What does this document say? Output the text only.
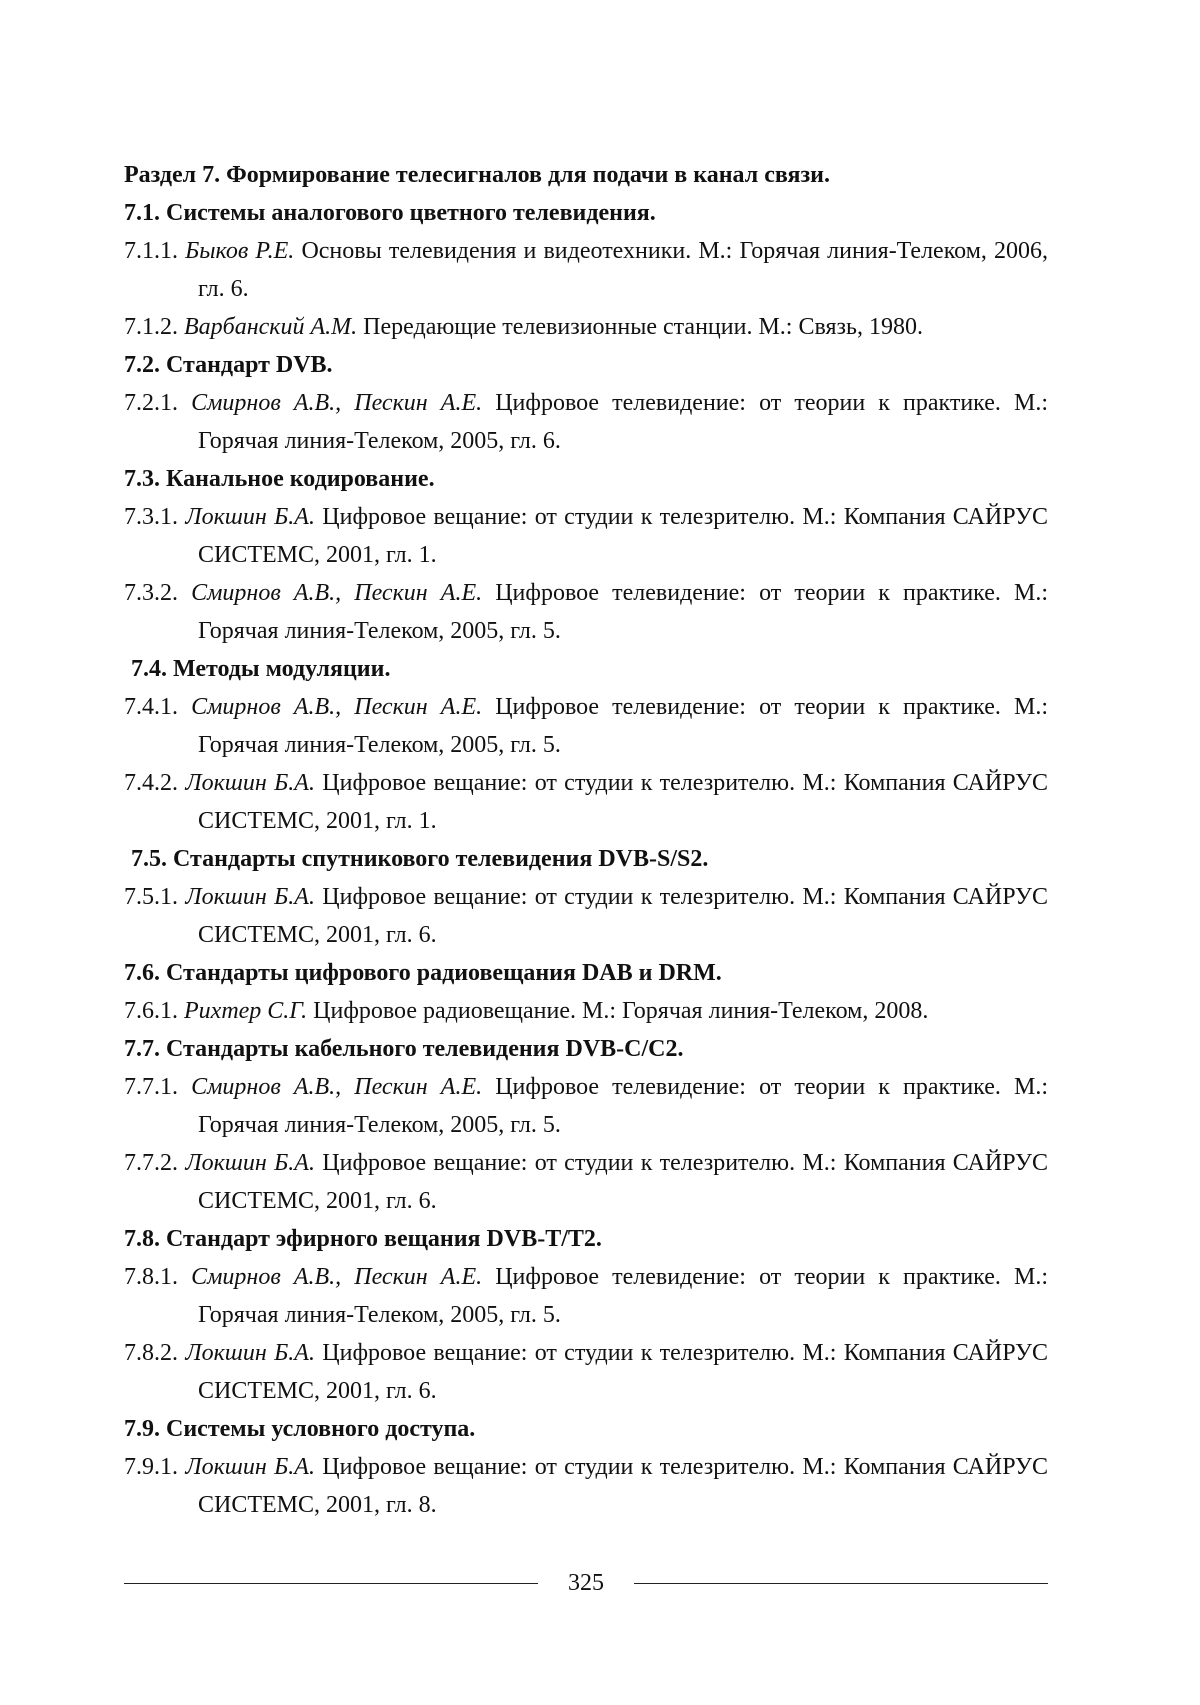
Раздел 7. Формирование телесигналов для подачи в канал связи.
7.1. Системы аналогового цветного телевидения.
7.1.1. Быков Р.Е. Основы телевидения и видеотехники. М.: Горячая линия-Телеком, 2006, гл. 6.
7.1.2. Варбанский А.М. Передающие телевизионные станции. М.: Связь, 1980.
7.2. Стандарт DVB.
7.2.1. Смирнов А.В., Пескин А.Е. Цифровое телевидение: от теории к практике. М.: Горячая линия-Телеком, 2005, гл. 6.
7.3. Канальное кодирование.
7.3.1. Локшин Б.А. Цифровое вещание: от студии к телезрителю. М.: Компания САЙРУС СИСТЕМС, 2001, гл. 1.
7.3.2. Смирнов А.В., Пескин А.Е. Цифровое телевидение: от теории к практике. М.: Горячая линия-Телеком, 2005, гл. 5.
7.4. Методы модуляции.
7.4.1. Смирнов А.В., Пескин А.Е. Цифровое телевидение: от теории к практике. М.: Горячая линия-Телеком, 2005, гл. 5.
7.4.2. Локшин Б.А. Цифровое вещание: от студии к телезрителю. М.: Компания САЙРУС СИСТЕМС, 2001, гл. 1.
7.5. Стандарты спутникового телевидения DVB-S/S2.
7.5.1. Локшин Б.А. Цифровое вещание: от студии к телезрителю. М.: Компания САЙРУС СИСТЕМС, 2001, гл. 6.
7.6. Стандарты цифрового радиовещания DAB и DRM.
7.6.1. Рихтер С.Г. Цифровое радиовещание. М.: Горячая линия-Телеком, 2008.
7.7. Стандарты кабельного телевидения DVB-C/C2.
7.7.1. Смирнов А.В., Пескин А.Е. Цифровое телевидение: от теории к практике. М.: Горячая линия-Телеком, 2005, гл. 5.
7.7.2. Локшин Б.А. Цифровое вещание: от студии к телезрителю. М.: Компания САЙРУС СИСТЕМС, 2001, гл. 6.
7.8. Стандарт эфирного вещания DVB-T/T2.
7.8.1. Смирнов А.В., Пескин А.Е. Цифровое телевидение: от теории к практике. М.: Горячая линия-Телеком, 2005, гл. 5.
7.8.2. Локшин Б.А. Цифровое вещание: от студии к телезрителю. М.: Компания САЙРУС СИСТЕМС, 2001, гл. 6.
7.9. Системы условного доступа.
7.9.1. Локшин Б.А. Цифровое вещание: от студии к телезрителю. М.: Компания САЙРУС СИСТЕМС, 2001, гл. 8.
325
